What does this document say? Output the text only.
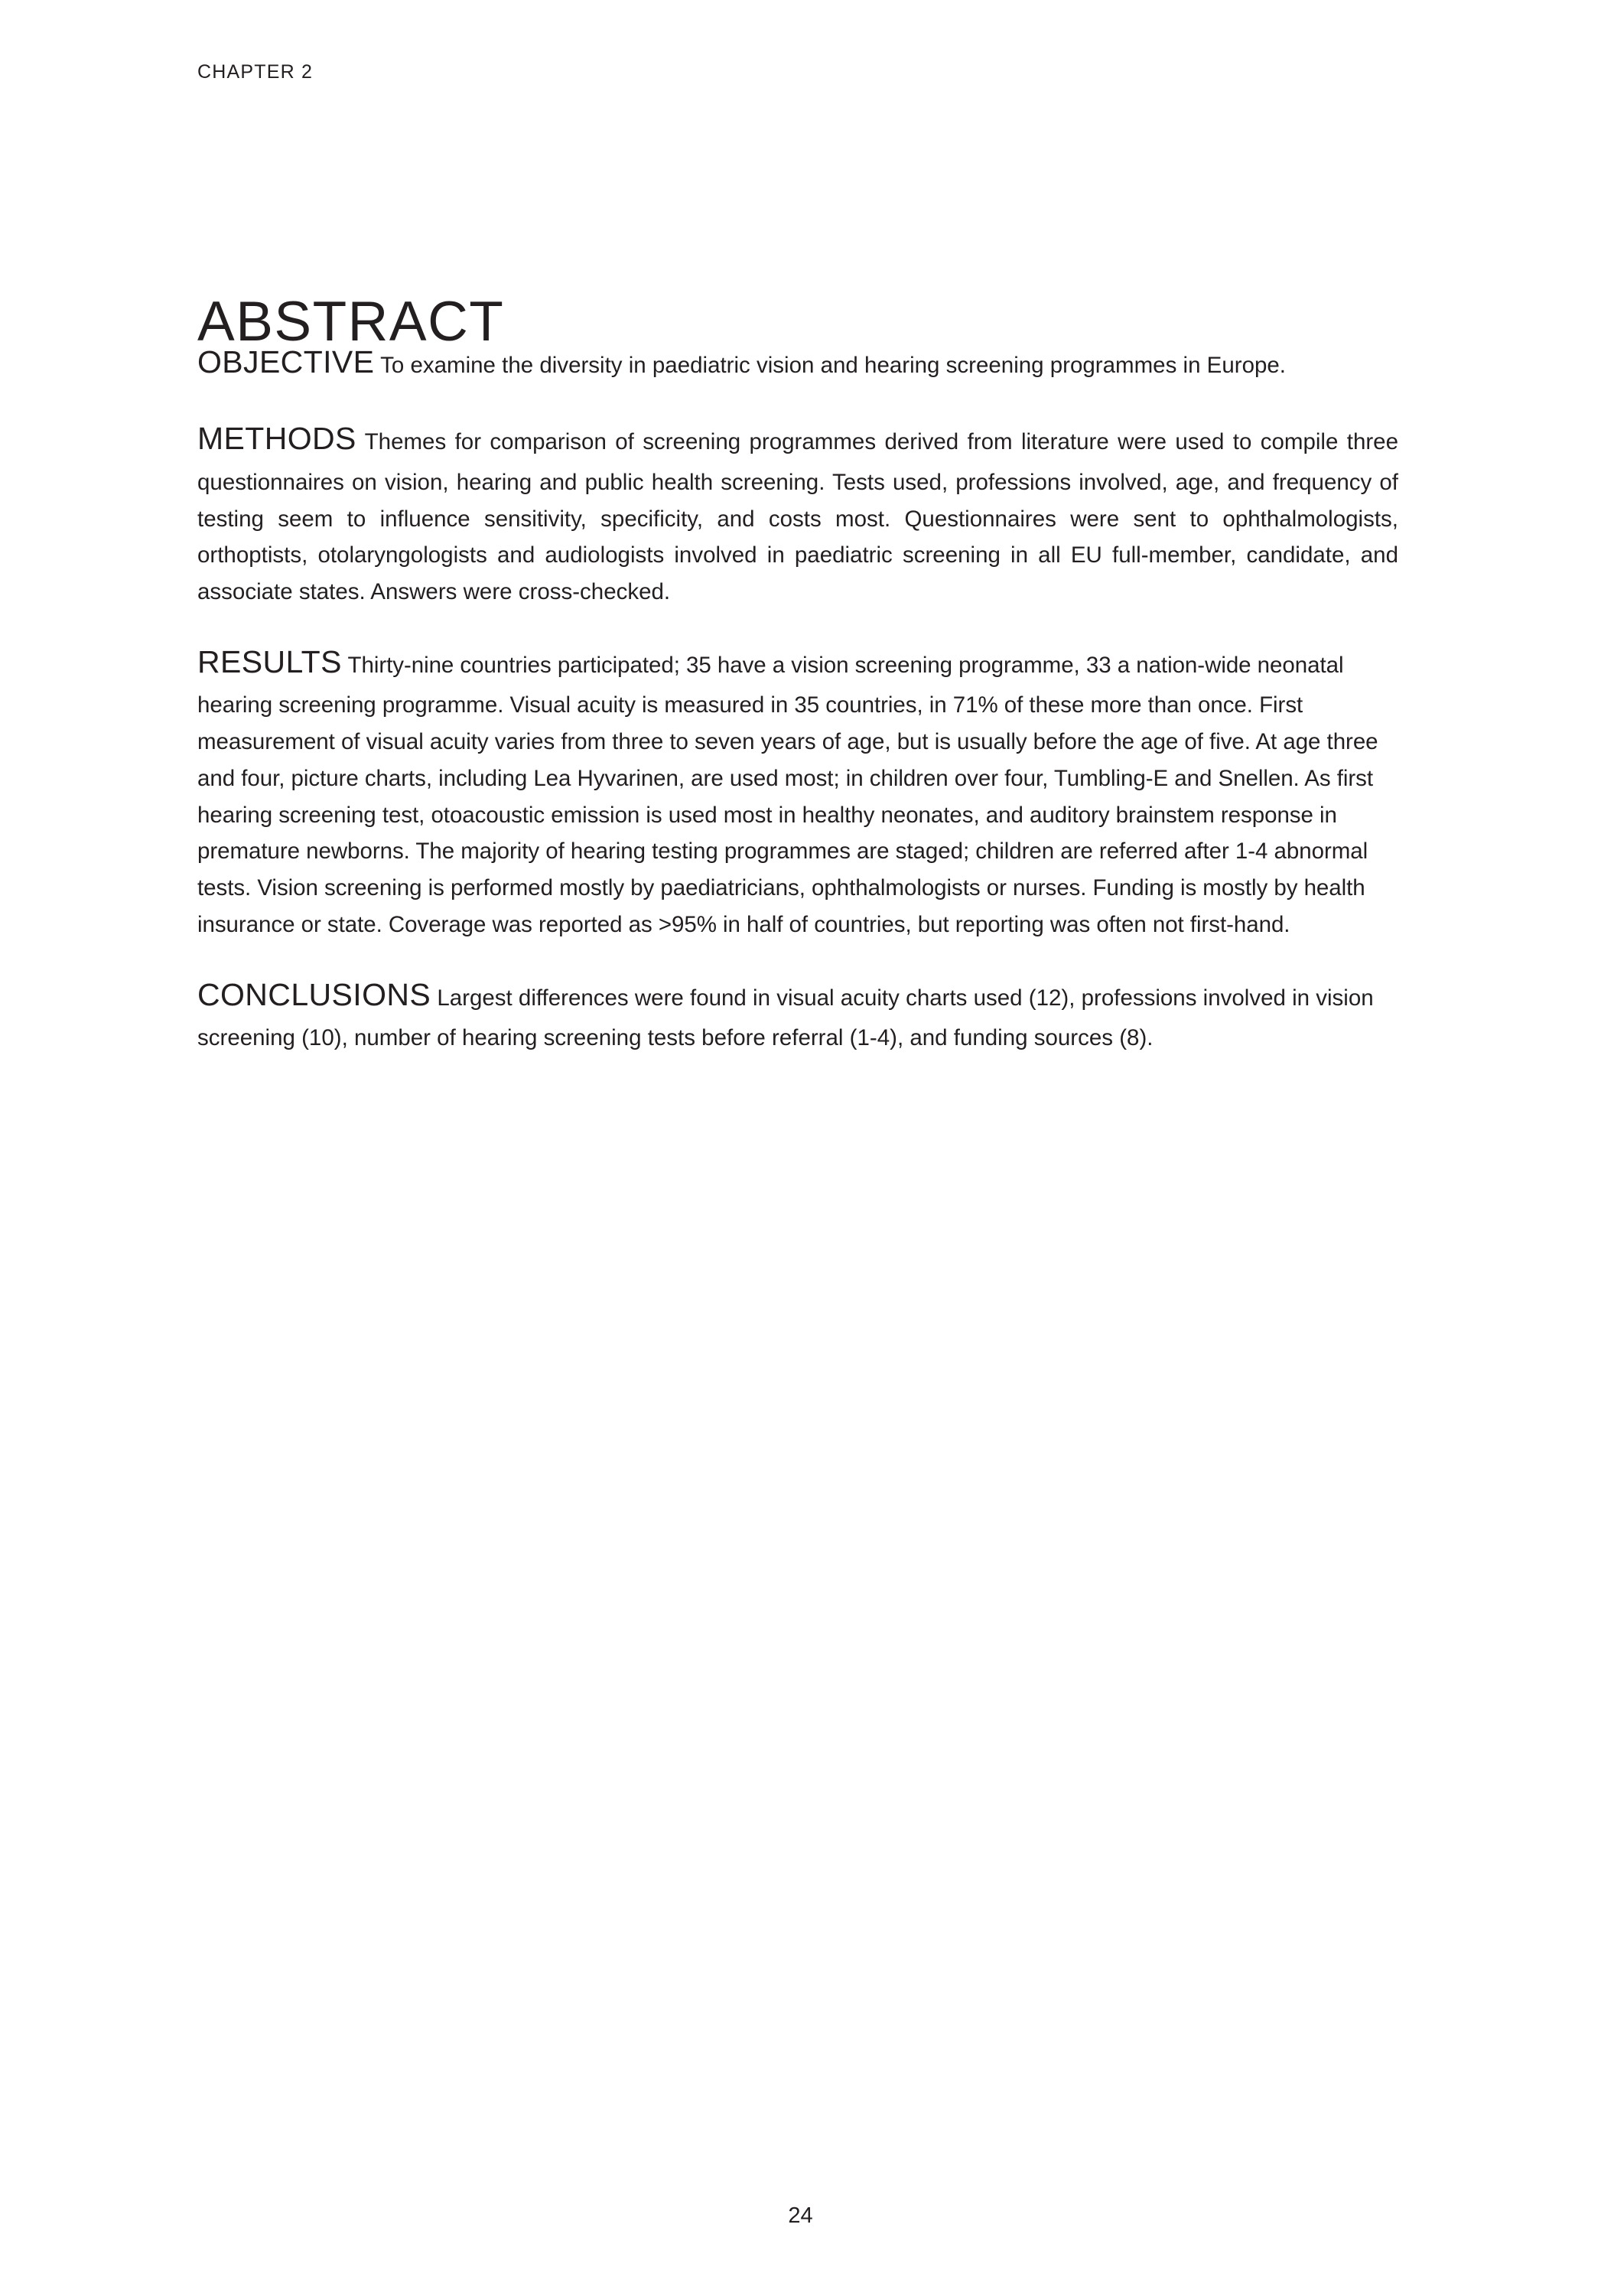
CHAPTER 2
ABSTRACT

OBJECTIVE To examine the diversity in paediatric vision and hearing screening programmes in Europe.

METHODS Themes for comparison of screening programmes derived from literature were used to compile three questionnaires on vision, hearing and public health screening. Tests used, professions involved, age, and frequency of testing seem to influence sensitivity, specificity, and costs most. Questionnaires were sent to ophthalmologists, orthoptists, otolaryngologists and audiologists involved in paediatric screening in all EU full-member, candidate, and associate states. Answers were cross-checked.

RESULTS Thirty-nine countries participated; 35 have a vision screening programme, 33 a nation-wide neonatal hearing screening programme. Visual acuity is measured in 35 countries, in 71% of these more than once. First measurement of visual acuity varies from three to seven years of age, but is usually before the age of five. At age three and four, picture charts, including Lea Hyvarinen, are used most; in children over four, Tumbling-E and Snellen. As first hearing screening test, otoacoustic emission is used most in healthy neonates, and auditory brainstem response in premature newborns. The majority of hearing testing programmes are staged; children are referred after 1-4 abnormal tests. Vision screening is performed mostly by paediatricians, ophthalmologists or nurses. Funding is mostly by health insurance or state. Coverage was reported as >95% in half of countries, but reporting was often not first-hand.

CONCLUSIONS Largest differences were found in visual acuity charts used (12), professions involved in vision screening (10), number of hearing screening tests before referral (1-4), and funding sources (8).

24
